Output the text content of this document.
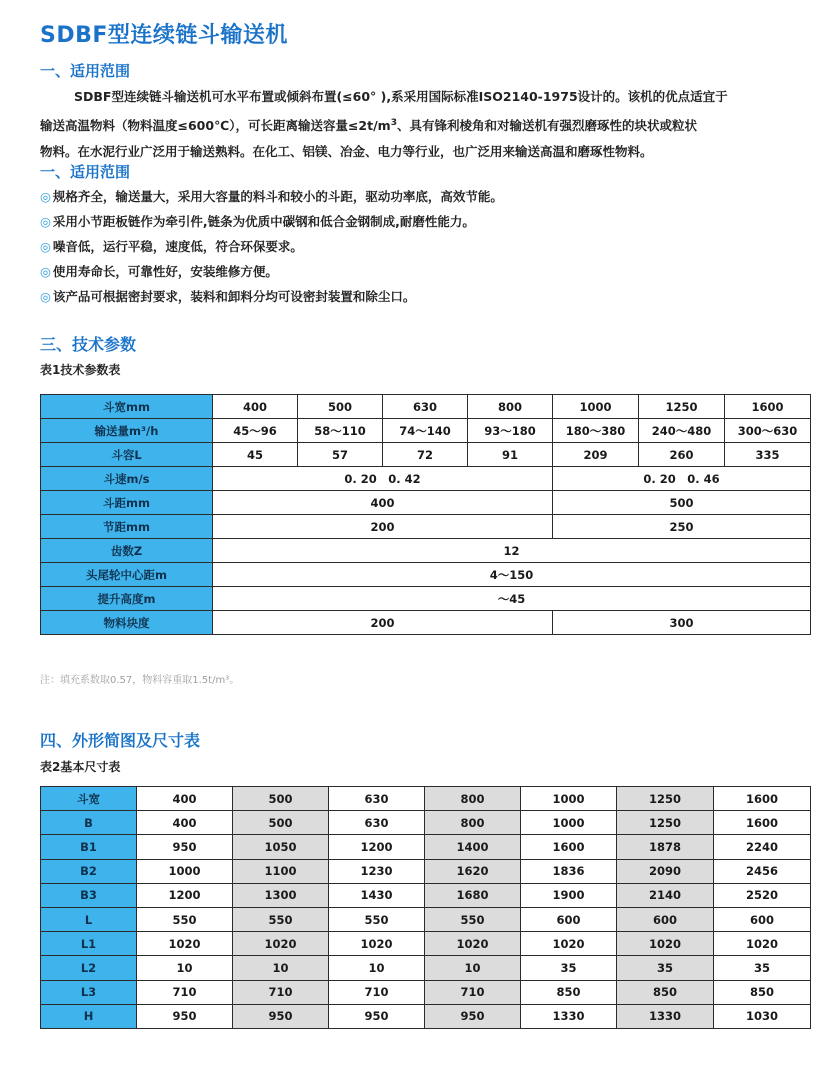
SDBF型连续链斗输送机
一、适用范围
SDBF型连续链斗输送机可水平布置或倾斜布置(≤60° ),系采用国际标准ISO2140-1975设计的。该机的优点适宜于
输送高温物料（物料温度≤600℃），可长距离输送容量$\le 2t/m^3$、具有锋利棱角和对输送机有强烈磨琢性的块状或粒状
物料。在水泥行业广泛用于输送熟料。在化工、铝镁、冶金、电力等行业，也广泛用来输送高温和磨琢性物料。
一、适用范围
◎ 规格齐全，输送量大，采用大容量的料斗和较小的斗距，驱动功率底，高效节能。
◎ 采用小节距板链作为牵引件,链条为优质中碳钢和低合金钢制成,耐磨性能力。
◎ 噪音低，运行平稳，速度低，符合环保要求。
◎ 使用寿命长，可靠性好，安装维修方便。
◎ 该产品可根据密封要求，装料和卸料分均可设密封装置和除尘口。
三、技术参数
表1技术参数表
斗宽mm	400	500	630	800	1000	1250	1600
输送量m³/h	45～96	58～110	74～140	93～180	180～380	240～480	300～630
斗容L	45	57	72	91	209	260	335
斗速m/s	0. 20　0. 42				0. 20　0. 46		
斗距mm	400				500		
节距mm	200				250		
齿数Z	12						
头尾轮中心距m	4～150						
提升高度m	～45						
物料块度	200				300		
注：填充系数取0.57，物料容重取1.5t/m³。
四、外形简图及尺寸表
表2基本尺寸表
斗宽	400	500	630	800	1000	1250	1600
B	400	500	630	800	1000	1250	1600
B1	950	1050	1200	1400	1600	1878	2240
B2	1000	1100	1230	1620	1836	2090	2456
B3	1200	1300	1430	1680	1900	2140	2520
L	550	550	550	550	600	600	600
L1	1020	1020	1020	1020	1020	1020	1020
L2	10	10	10	10	35	35	35
L3	710	710	710	710	850	850	850
H	950	950	950	950	1330	1330	1030
